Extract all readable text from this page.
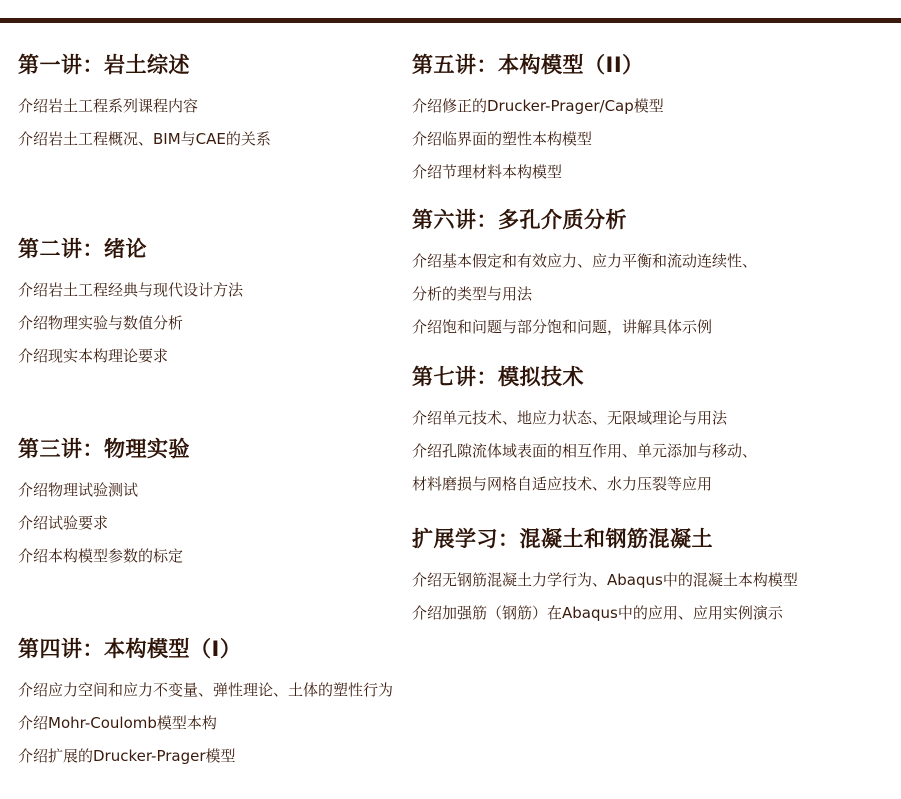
第一讲：岩土综述
介绍岩土工程系列课程内容
介绍岩土工程概况、BIM与CAE的关系
第二讲：绪论
介绍岩土工程经典与现代设计方法
介绍物理实验与数值分析
介绍现实本构理论要求
第三讲：物理实验
介绍物理试验测试
介绍试验要求
介绍本构模型参数的标定
第四讲：本构模型（I）
介绍应力空间和应力不变量、弹性理论、土体的塑性行为
介绍Mohr-Coulomb模型本构
介绍扩展的Drucker-Prager模型
第五讲：本构模型（II）
介绍修正的Drucker-Prager/Cap模型
介绍临界面的塑性本构模型
介绍节理材料本构模型
第六讲：多孔介质分析
介绍基本假定和有效应力、应力平衡和流动连续性、
分析的类型与用法
介绍饱和问题与部分饱和问题，讲解具体示例
第七讲：模拟技术
介绍单元技术、地应力状态、无限域理论与用法
介绍孔隙流体域表面的相互作用、单元添加与移动、
材料磨损与网格自适应技术、水力压裂等应用
扩展学习：混凝土和钢筋混凝土
介绍无钢筋混凝土力学行为、Abaqus中的混凝土本构模型
介绍加强筋（钢筋）在Abaqus中的应用、应用实例演示
